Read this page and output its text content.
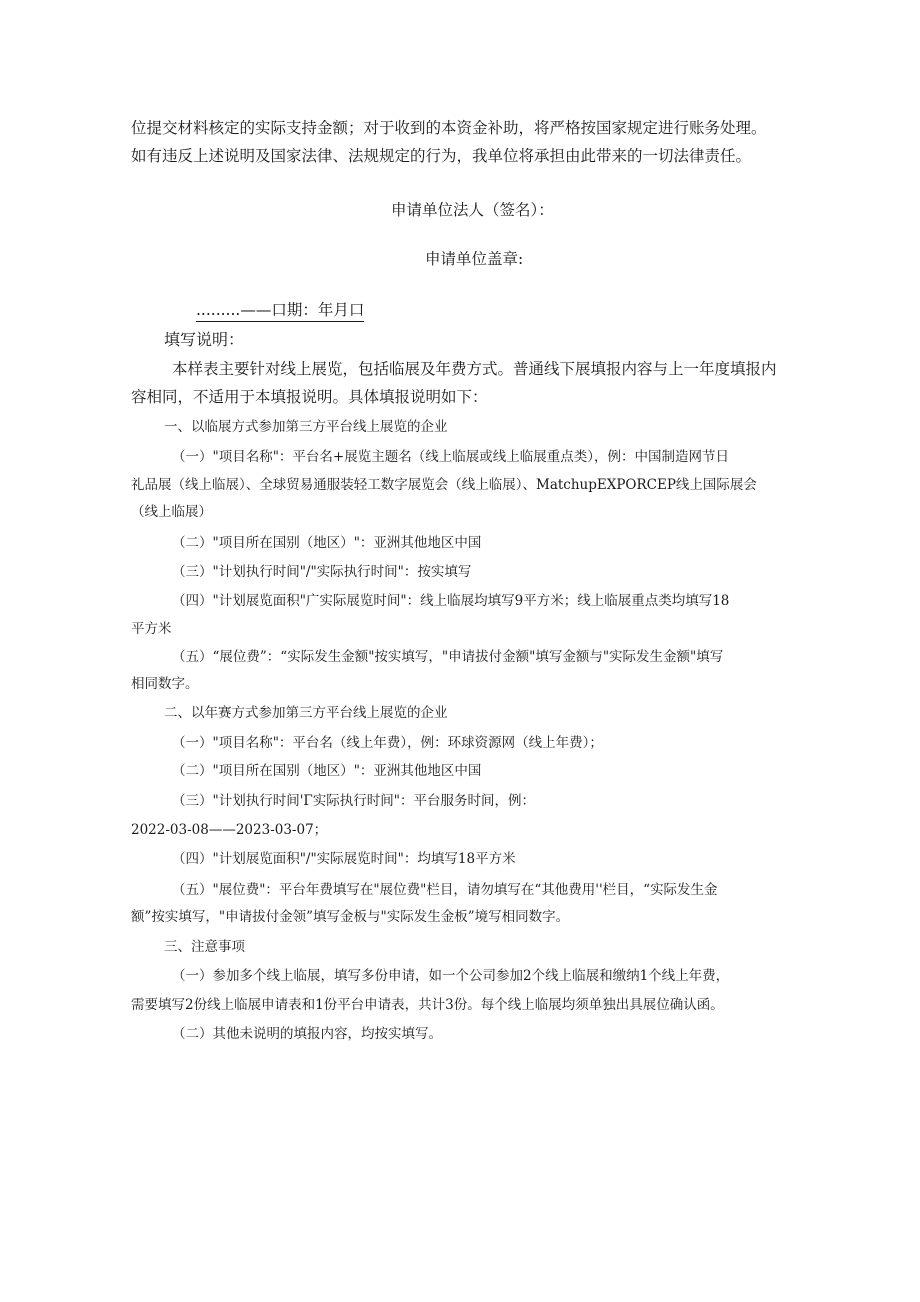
位提交材料核定的实际支持金额；对于收到的本资金补助，将严格按国家规定进行账务处理。
如有违反上述说明及国家法律、法规规定的行为，我单位将承担由此带来的一切法律责任。
申请单位法人（签名）：
申请单位盖章:
.........——口期：年月口
填写说明：
本样表主要针对线上展览，包括临展及年费方式。普通线下展填报内容与上一年度填报内
容相同，不适用于本填报说明。具体填报说明如下：
一、以临展方式参加第三方平台线上展览的企业
（一）"项目名称"：平台名+展览主题名（线上临展或线上临展重点类），例：中国制造网节日
礼品展（线上临展）、全球贸易通服装轻工数字展览会（线上临展）、MatchupEXPORCEP线上国际展会
（线上临展）
（二）"项目所在国别（地区）"：亚洲其他地区中国
（三）"计划执行时间"/"实际执行时间"：按实填写
（四）"计划展览面积"广实际展览时间"：线上临展均填写9平方米；线上临展重点类均填写18
平方米
（五）“展位费”：“实际发生金额"按实填写，"申请拔付金额"填写金额与"实际发生金额"填写
相同数字。
二、以年赛方式参加第三方平台线上展览的企业
（一）"项目名称"：平台名（线上年费），例：环球资源网（线上年费）；
（二）"项目所在国别（地区）"：亚洲其他地区中国
（三）"计划执行时间'Γ实际执行时间"：平台服务时间，例：
2022-03-08——2023-03-07；
（四）"计划展览面积"/"实际展览时间"：均填写18平方米
（五）"展位费"：平台年费填写在"展位费"栏目，请勿填写在“其他费用''栏目，“实际发生金
额”按实填写，"申请拔付金领”填写金板与"实际发生金板”境写相同数字。
三、注意事项
（一）参加多个线上临展，填写多份申请，如一个公司参加2个线上临展和缴纳1个线上年费，
需要填写2份线上临展申请表和1份平台申请表，共计3份。每个线上临展均须单独出具展位确认函。
（二）其他未说明的填报内容，均按实填写。
